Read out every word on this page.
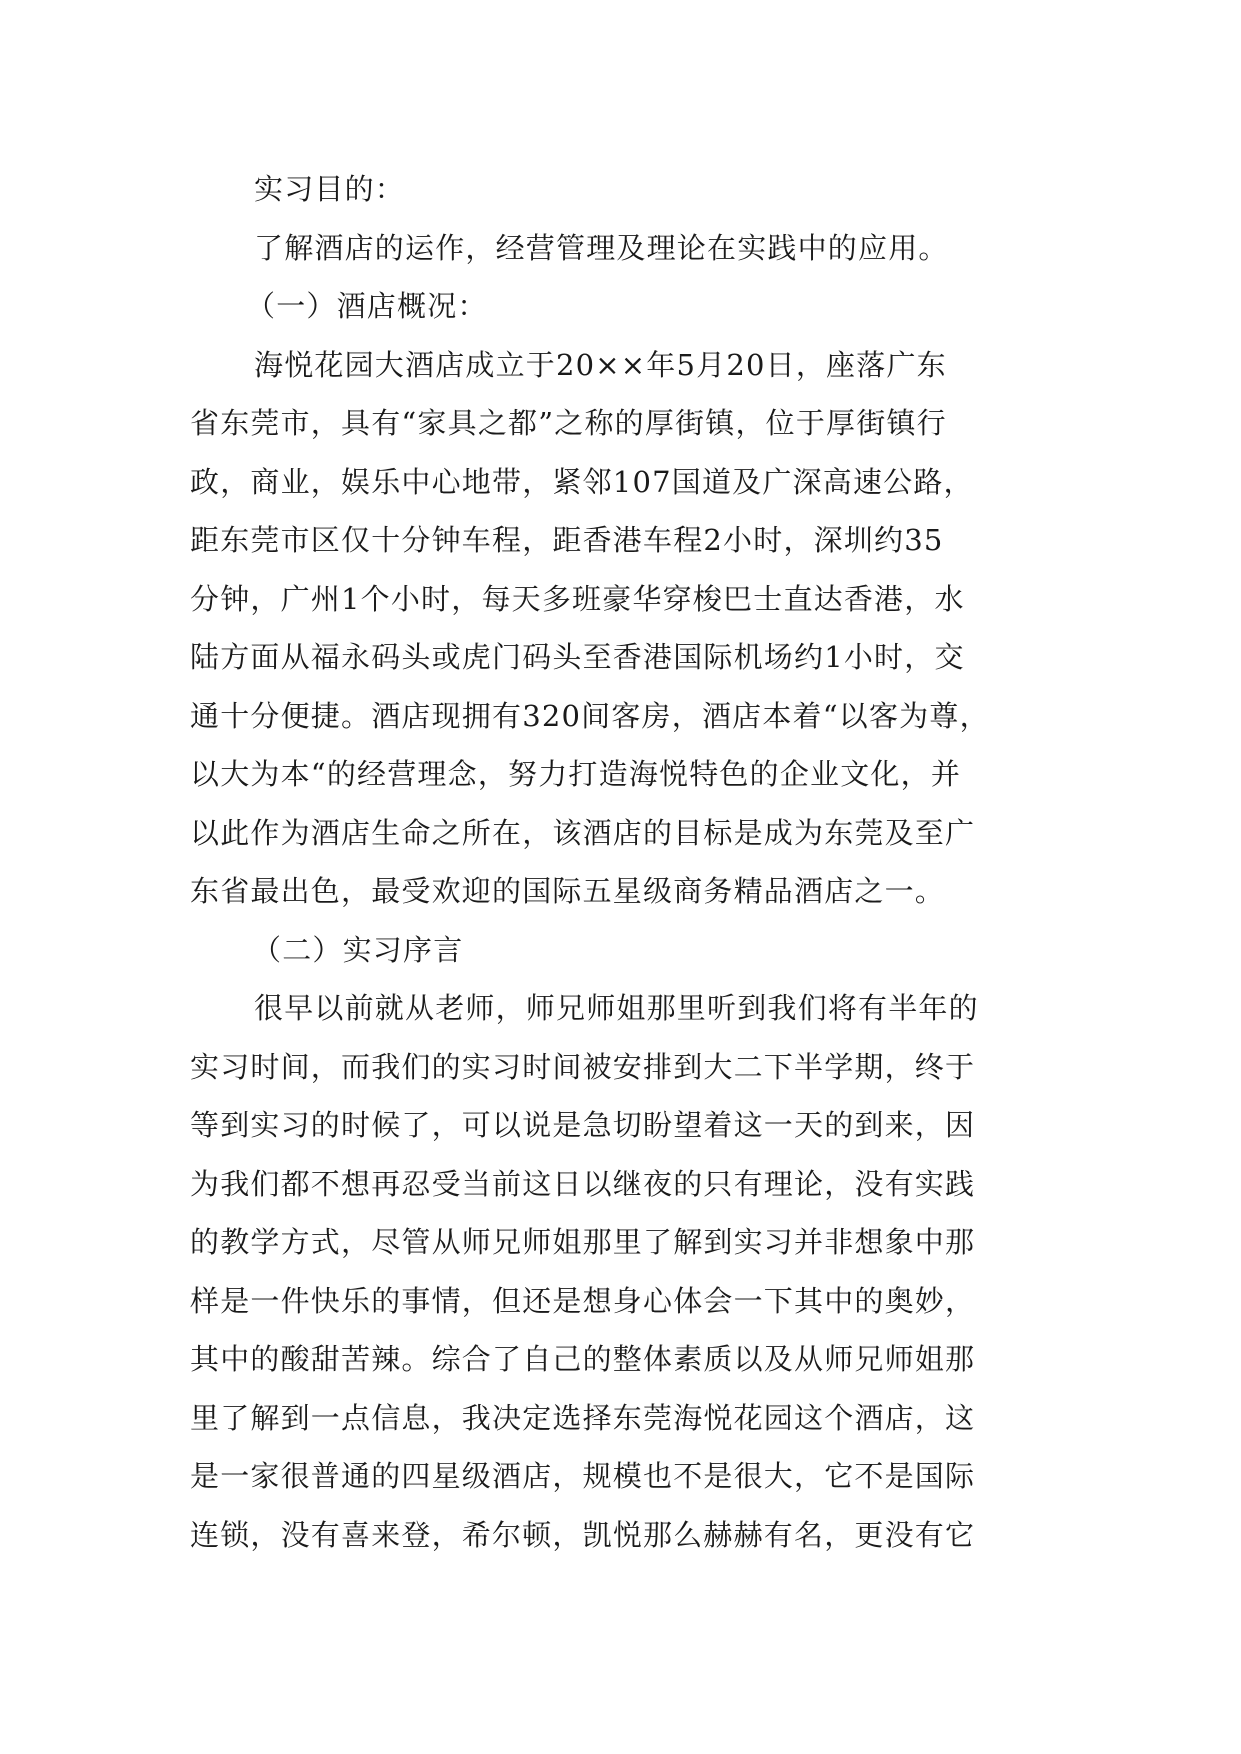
实习目的：
了解酒店的运作，经营管理及理论在实践中的应用。
（一）酒店概况：
海悦花园大酒店成立于20××年5月20日，座落广东
省东莞市，具有“家具之都”之称的厚街镇，位于厚街镇行
政，商业，娱乐中心地带，紧邻107国道及广深高速公路，
距东莞市区仅十分钟车程，距香港车程2小时，深圳约35
分钟，广州1个小时，每天多班豪华穿梭巴士直达香港，水
陆方面从福永码头或虎门码头至香港国际机场约1小时，交
通十分便捷。酒店现拥有320间客房，酒店本着“以客为尊，
以大为本“的经营理念，努力打造海悦特色的企业文化，并
以此作为酒店生命之所在，该酒店的目标是成为东莞及至广
东省最出色，最受欢迎的国际五星级商务精品酒店之一。
（二）实习序言
很早以前就从老师，师兄师姐那里听到我们将有半年的
实习时间，而我们的实习时间被安排到大二下半学期，终于
等到实习的时候了，可以说是急切盼望着这一天的到来，因
为我们都不想再忍受当前这日以继夜的只有理论，没有实践
的教学方式，尽管从师兄师姐那里了解到实习并非想象中那
样是一件快乐的事情，但还是想身心体会一下其中的奥妙，
其中的酸甜苦辣。综合了自己的整体素质以及从师兄师姐那
里了解到一点信息，我决定选择东莞海悦花园这个酒店，这
是一家很普通的四星级酒店，规模也不是很大，它不是国际
连锁，没有喜来登，希尔顿，凯悦那么赫赫有名，更没有它
